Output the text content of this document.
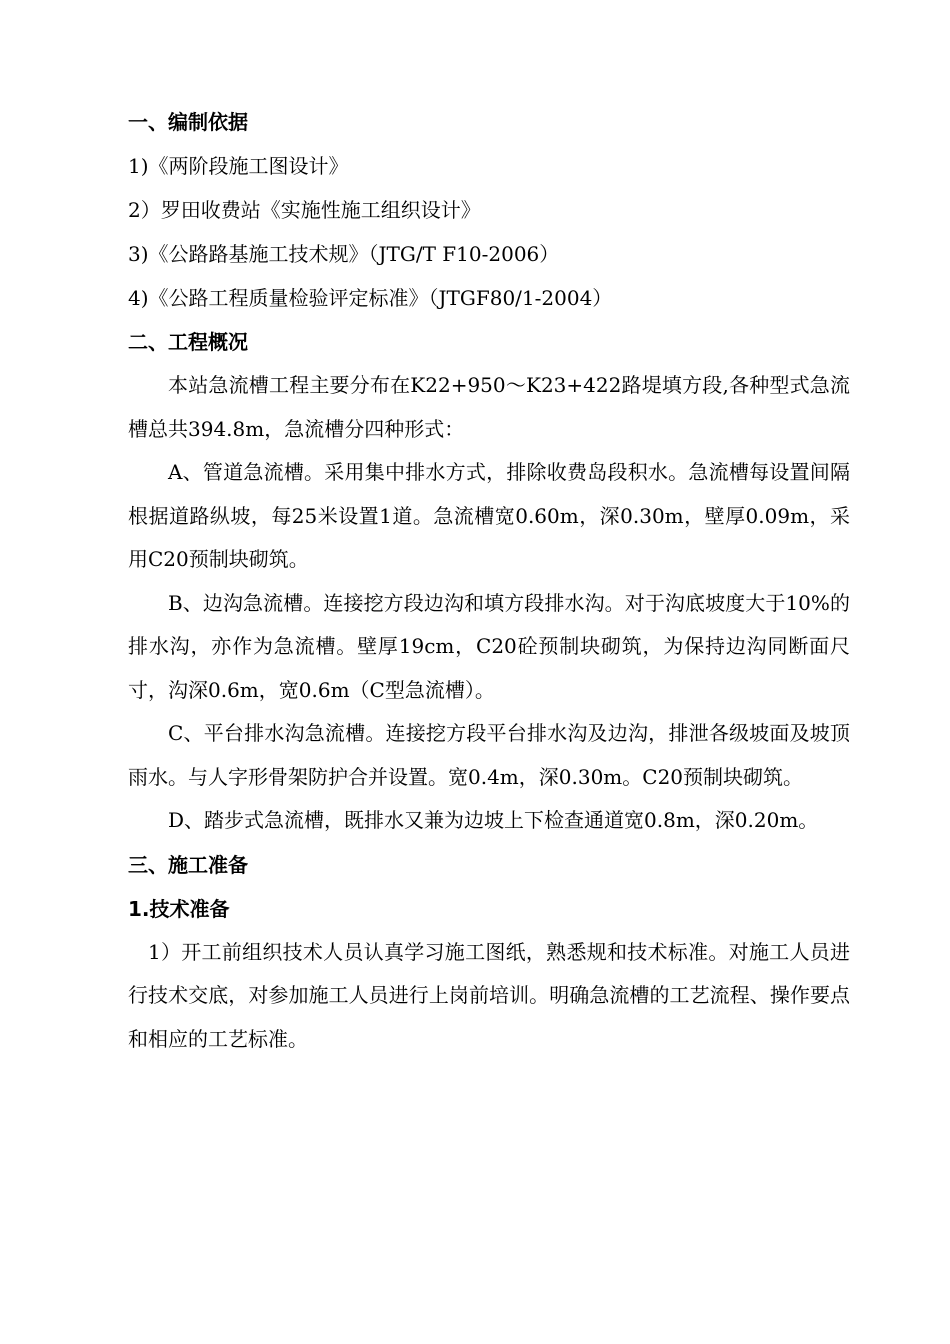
一、编制依据
1)《两阶段施工图设计》
2）罗田收费站《实施性施工组织设计》
3)《公路路基施工技术规》（JTG/T F10-2006）
4)《公路工程质量检验评定标准》（JTGF80/1-2004）
二、工程概况

本站急流槽工程主要分布在K22+950～K23+422路堤填方段,各种型式急流槽总共394.8m，急流槽分四种形式：

A、管道急流槽。采用集中排水方式，排除收费岛段积水。急流槽每设置间隔根据道路纵坡，每25米设置1道。急流槽宽0.60m，深0.30m，壁厚0.09m，采用C20预制块砌筑。

B、边沟急流槽。连接挖方段边沟和填方段排水沟。对于沟底坡度大于10%的排水沟，亦作为急流槽。壁厚19cm，C20砼预制块砌筑，为保持边沟同断面尺寸，沟深0.6m，宽0.6m（C型急流槽）。

C、平台排水沟急流槽。连接挖方段平台排水沟及边沟，排泄各级坡面及坡顶雨水。与人字形骨架防护合并设置。宽0.4m，深0.30m。C20预制块砌筑。

D、踏步式急流槽，既排水又兼为边坡上下检查通道宽0.8m，深0.20m。

三、施工准备
1.技术准备

1）开工前组织技术人员认真学习施工图纸，熟悉规和技术标准。对施工人员进行技术交底，对参加施工人员进行上岗前培训。明确急流槽的工艺流程、操作要点和相应的工艺标准。
